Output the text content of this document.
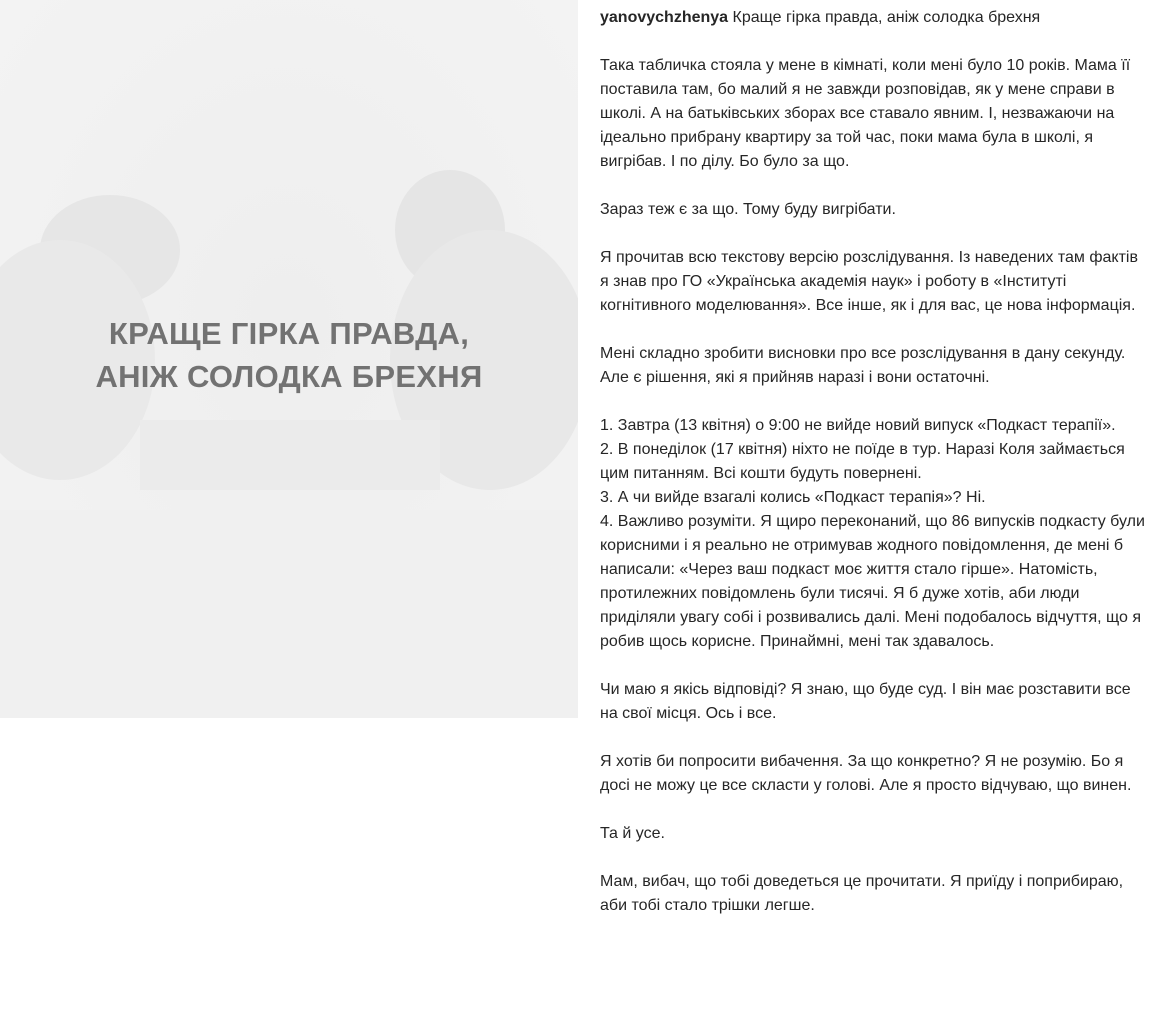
КРАЩЕ ГІРКА ПРАВДА,
АНІЖ СОЛОДКА БРЕХНЯ
yanovychzhenya Краще гірка правда, аніж солодка брехня

Така табличка стояла у мене в кімнаті, коли мені було 10 років. Мама її поставила там, бо малий я не завжди розповідав, як у мене справи в школі. А на батьківських зборах все ставало явним. І, незважаючи на ідеально прибрану квартиру за той час, поки мама була в школі, я вигрібав. І по ділу. Бо було за що.

Зараз теж є за що. Тому буду вигрібати.

Я прочитав всю текстову версію розслідування. Із наведених там фактів я знав про ГО «Українська академія наук» і роботу в «Інституті когнітивного моделювання». Все інше, як і для вас, це нова інформація.

Мені складно зробити висновки про все розслідування в дану секунду. Але є рішення, які я прийняв наразі і вони остаточні.

1. Завтра (13 квітня) о 9:00 не вийде новий випуск «Подкаст терапії».

2. В понеділок (17 квітня) ніхто не поїде в тур. Наразі Коля займається цим питанням. Всі кошти будуть повернені.

3. А чи вийде взагалі колись «Подкаст терапія»? Ні.

4. Важливо розуміти. Я щиро переконаний, що 86 випусків подкасту були корисними і я реально не отримував жодного повідомлення, де мені б написали: «Через ваш подкаст моє життя стало гірше». Натомість, протилежних повідомлень були тисячі. Я б дуже хотів, аби люди приділяли увагу собі і розвивались далі. Мені подобалось відчуття, що я робив щось корисне. Принаймні, мені так здавалось.

Чи маю я якісь відповіді? Я знаю, що буде суд. І він має розставити все на свої місця. Ось і все.

Я хотів би попросити вибачення. За що конкретно? Я не розумію. Бо я досі не можу це все скласти у голові. Але я просто відчуваю, що винен.

Та й усе.

Мам, вибач, що тобі доведеться це прочитати. Я приїду і поприбираю, аби тобі стало трішки легше.
